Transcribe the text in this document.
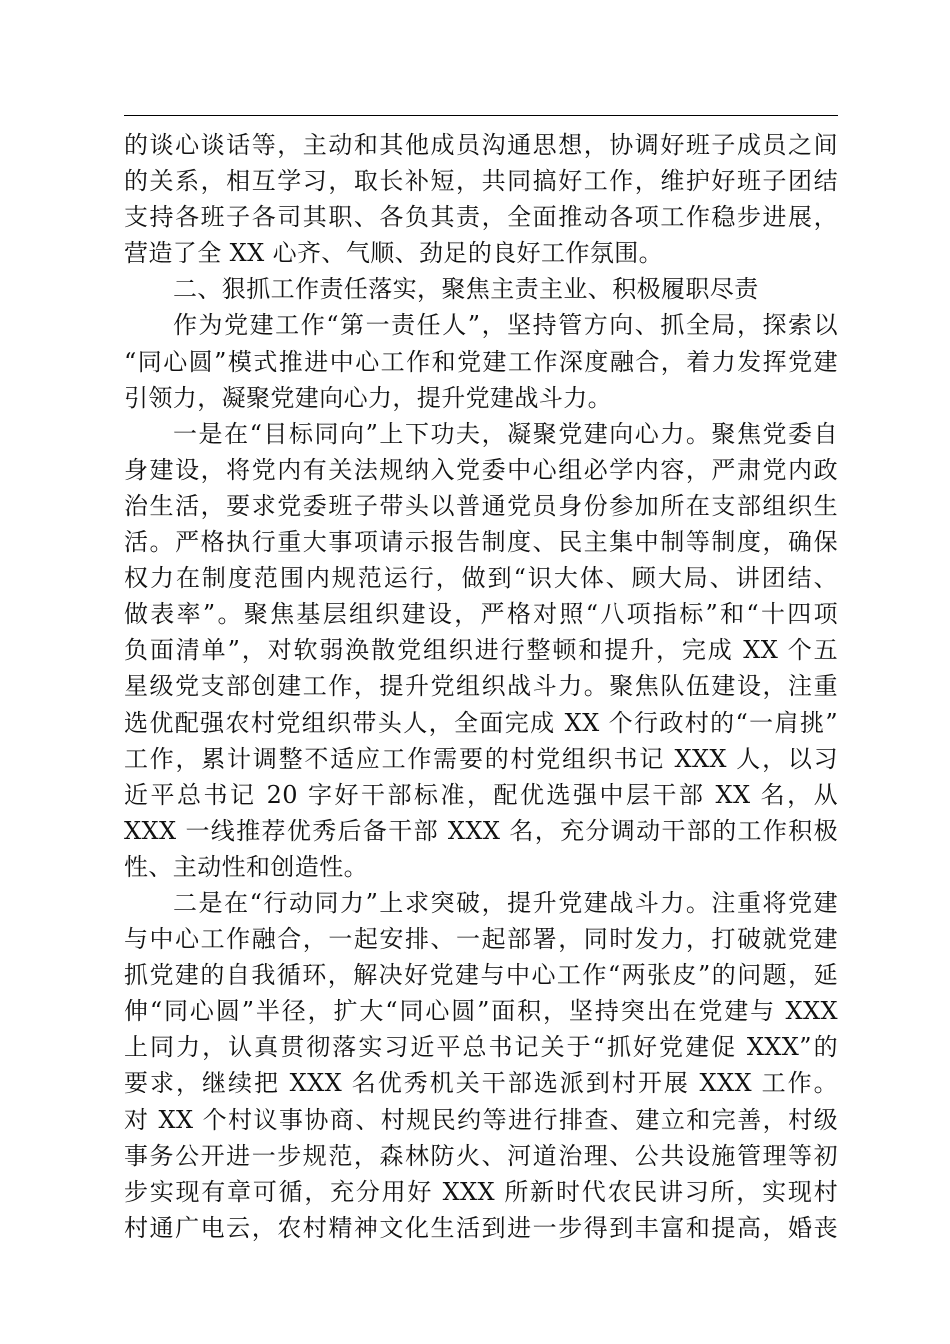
的谈心谈话等，主动和其他成员沟通思想，协调好班子成员之间
的关系，相互学习，取长补短，共同搞好工作，维护好班子团结
支持各班子各司其职、各负其责，全面推动各项工作稳步进展，
营造了全 XX 心齐、气顺、劲足的良好工作氛围。
二、狠抓工作责任落实，聚焦主责主业、积极履职尽责
作为党建工作“第一责任人”，坚持管方向、抓全局，探索以
“同心圆”模式推进中心工作和党建工作深度融合，着力发挥党建
引领力，凝聚党建向心力，提升党建战斗力。
一是在“目标同向”上下功夫，凝聚党建向心力。聚焦党委自
身建设，将党内有关法规纳入党委中心组必学内容，严肃党内政
治生活，要求党委班子带头以普通党员身份参加所在支部组织生
活。严格执行重大事项请示报告制度、民主集中制等制度，确保
权力在制度范围内规范运行，做到“识大体、顾大局、讲团结、
做表率”。聚焦基层组织建设，严格对照“八项指标”和“十四项
负面清单”，对软弱涣散党组织进行整顿和提升，完成 XX 个五
星级党支部创建工作，提升党组织战斗力。聚焦队伍建设，注重
选优配强农村党组织带头人，全面完成 XX 个行政村的“一肩挑”
工作，累计调整不适应工作需要的村党组织书记 XXX 人，以习
近平总书记 20 字好干部标准，配优选强中层干部 XX 名，从
XXX 一线推荐优秀后备干部 XXX 名，充分调动干部的工作积极
性、主动性和创造性。
二是在“行动同力”上求突破，提升党建战斗力。注重将党建
与中心工作融合，一起安排、一起部署，同时发力，打破就党建
抓党建的自我循环，解决好党建与中心工作“两张皮”的问题，延
伸“同心圆”半径，扩大“同心圆”面积，坚持突出在党建与 XXX
上同力，认真贯彻落实习近平总书记关于“抓好党建促 XXX”的
要求，继续把 XXX 名优秀机关干部选派到村开展 XXX 工作。
对 XX 个村议事协商、村规民约等进行排查、建立和完善，村级
事务公开进一步规范，森林防火、河道治理、公共设施管理等初
步实现有章可循，充分用好 XXX 所新时代农民讲习所，实现村
村通广电云，农村精神文化生活到进一步得到丰富和提高，婚丧
